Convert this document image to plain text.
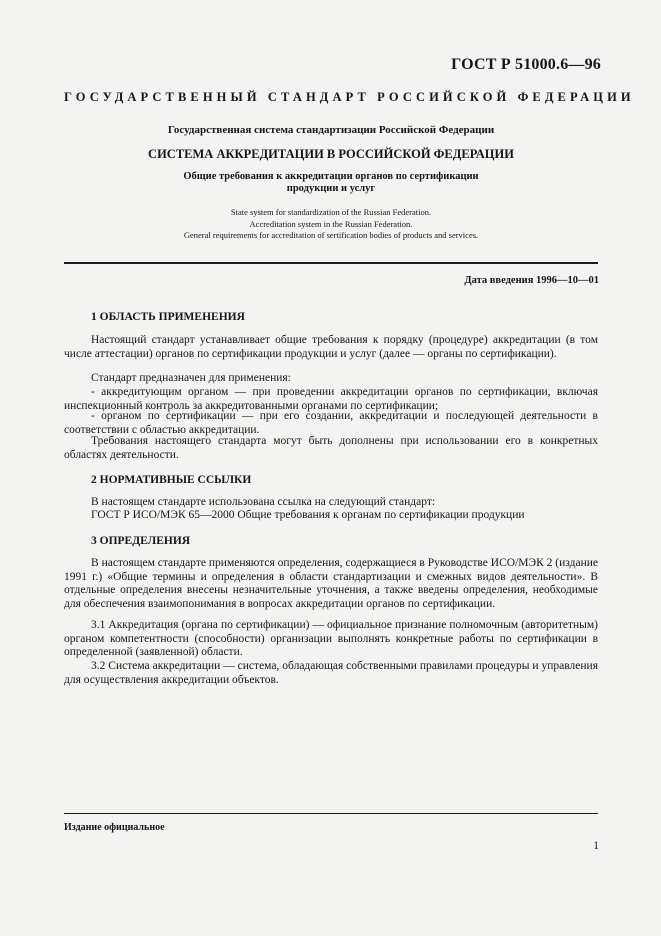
ГОСТ Р 51000.6—96
ГОСУДАРСТВЕННЫЙ СТАНДАРТ РОССИЙСКОЙ ФЕДЕРАЦИИ
Государственная система стандартизации Российской Федерации
СИСТЕМА АККРЕДИТАЦИИ В РОССИЙСКОЙ ФЕДЕРАЦИИ
Общие требования к аккредитации органов по сертификации
продукции и услуг
State system for standardization of the Russian Federation.
Accreditation system in the Russian Federation.
General requirements for accreditation of sertification bodies of products and services.
Дата введения 1996—10—01
1 ОБЛАСТЬ ПРИМЕНЕНИЯ
Настоящий стандарт устанавливает общие требования к порядку (процедуре) аккредитации (в том числе аттестации) органов по сертификации продукции и услуг (далее — органы по сертификации).
Стандарт предназначен для применения:
- аккредитующим органом — при проведении аккредитации органов по сертификации, включая инспекционный контроль за аккредитованными органами по сертификации;
- органом по сертификации — при его создании, аккредитации и последующей деятельности в соответствии с областью аккредитации.
Требования настоящего стандарта могут быть дополнены при использовании его в конкретных областях деятельности.
2 НОРМАТИВНЫЕ ССЫЛКИ
В настоящем стандарте использована ссылка на следующий стандарт:
ГОСТ Р ИСО/МЭК 65—2000 Общие требования к органам по сертификации продукции
3 ОПРЕДЕЛЕНИЯ
В настоящем стандарте применяются определения, содержащиеся в Руководстве ИСО/МЭК 2 (издание 1991 г.) «Общие термины и определения в области стандартизации и смежных видов деятельности». В отдельные определения внесены незначительные уточнения, а также введены определения, необходимые для обеспечения взаимопонимания в вопросах аккредитации органов по сертификации.
3.1 Аккредитация (органа по сертификации) — официальное признание полномочным (авторитетным) органом компетентности (способности) организации выполнять конкретные работы по сертификации в определенной (заявленной) области.
3.2 Система аккредитации — система, обладающая собственными правилами процедуры и управления для осуществления аккредитации объектов.
Издание официальное
1
